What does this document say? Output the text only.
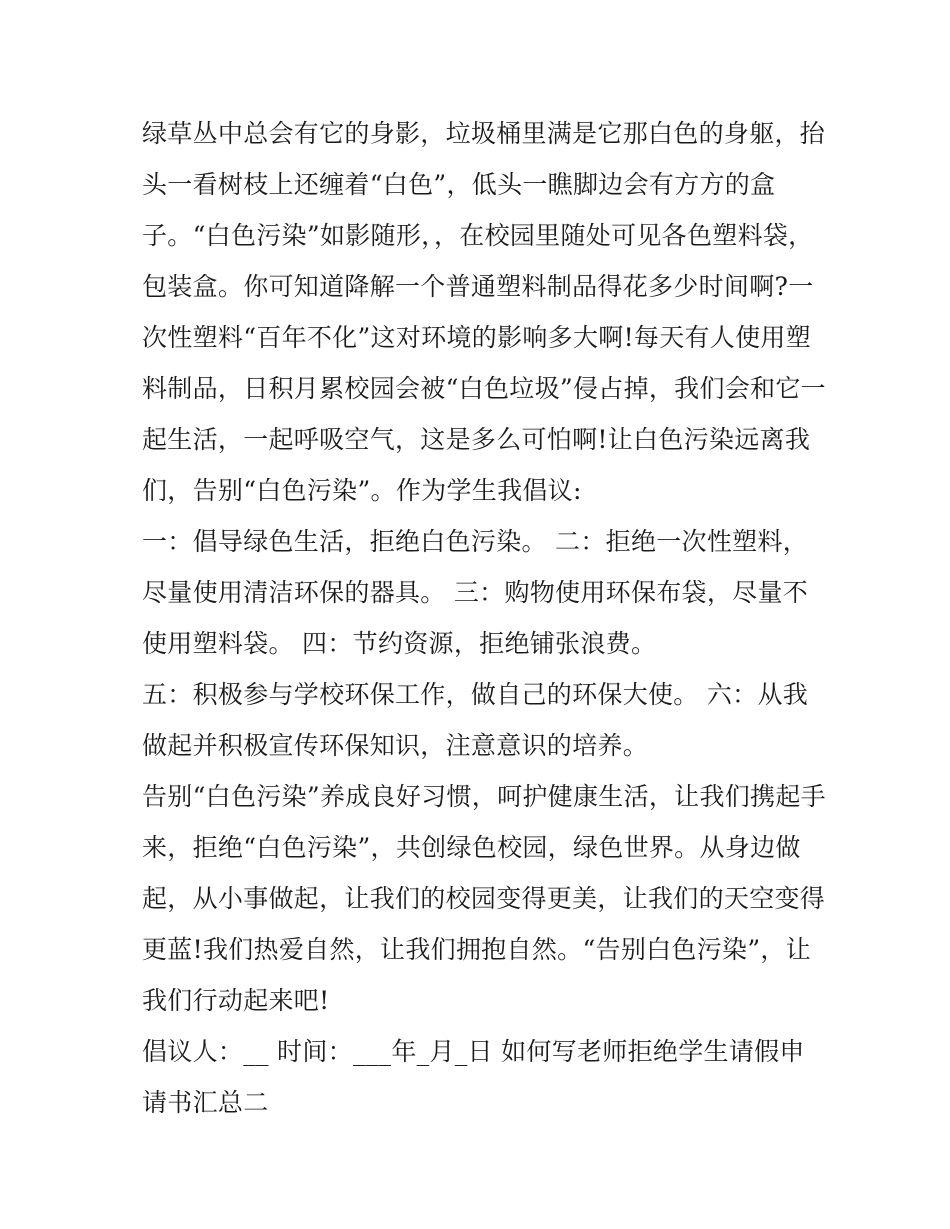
绿草丛中总会有它的身影，垃圾桶里满是它那白色的身躯，抬
头一看树枝上还缠着“白色”，低头一瞧脚边会有方方的盒
子。“白色污染”如影随形，，在校园里随处可见各色塑料袋，
包装盒。你可知道降解一个普通塑料制品得花多少时间啊?一
次性塑料“百年不化”这对环境的影响多大啊!每天有人使用塑
料制品，日积月累校园会被“白色垃圾”侵占掉，我们会和它一
起生活，一起呼吸空气，这是多么可怕啊!让白色污染远离我
们，告别“白色污染”。作为学生我倡议:
一：倡导绿色生活，拒绝白色污染。 二：拒绝一次性塑料，
尽量使用清洁环保的器具。 三：购物使用环保布袋，尽量不
使用塑料袋。 四：节约资源，拒绝铺张浪费。
五：积极参与学校环保工作，做自己的环保大使。 六：从我
做起并积极宣传环保知识，注意意识的培养。
告别“白色污染”养成良好习惯，呵护健康生活，让我们携起手
来，拒绝“白色污染”，共创绿色校园，绿色世界。从身边做
起，从小事做起，让我们的校园变得更美，让我们的天空变得
更蓝!我们热爱自然，让我们拥抱自然。“告别白色污染”，让
我们行动起来吧!
倡议人：__ 时间：___年_月_日 如何写老师拒绝学生请假申
请书汇总二
